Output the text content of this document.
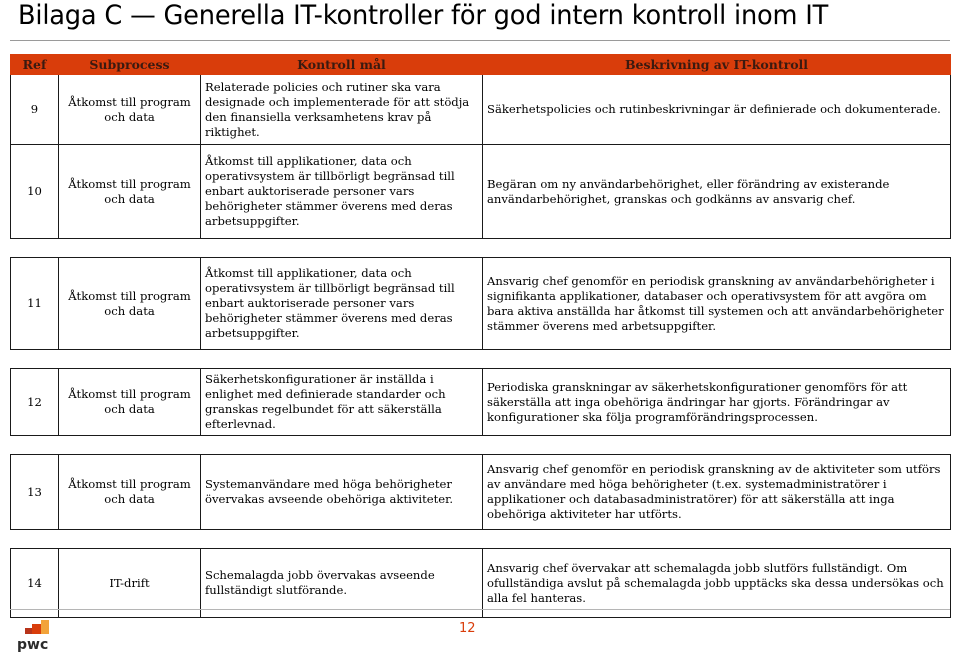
Bilaga C — Generella IT-kontroller för god intern kontroll inom IT
Ref	Subprocess	Kontroll mål	Beskrivning av IT-kontroll
9	Åtkomst till program och data	Relaterade policies och rutiner ska vara designade och implementerade för att stödja den finansiella verksamhetens krav på riktighet.	Säkerhetspolicies och rutinbeskrivningar är definierade och dokumenterade.
10	Åtkomst till program och data	Åtkomst till applikationer, data och operativsystem är tillbörligt begränsad till enbart auktoriserade personer vars behörigheter stämmer överens med deras arbetsuppgifter.	Begäran om ny användarbehörighet, eller förändring av existerande användarbehörighet, granskas och godkänns av ansvarig chef.

11	Åtkomst till program och data	Åtkomst till applikationer, data och operativsystem är tillbörligt begränsad till enbart auktoriserade personer vars behörigheter stämmer överens med deras arbetsuppgifter.	Ansvarig chef genomför en periodisk granskning av användarbehörigheter i signifikanta applikationer, databaser och operativsystem för att avgöra om bara aktiva anställda har åtkomst till systemen och att användarbehörigheter stämmer överens med arbetsuppgifter.

12	Åtkomst till program och data	Säkerhetskonfigurationer är inställda i enlighet med definierade standarder och granskas regelbundet för att säkerställa efterlevnad.	Periodiska granskningar av säkerhetskonfigurationer genomförs för att säkerställa att inga obehöriga ändringar har gjorts. Förändringar av konfigurationer ska följa programförändringsprocessen.

13	Åtkomst till program och data	Systemanvändare med höga behörigheter övervakas avseende obehöriga aktiviteter.	Ansvarig chef genomför en periodisk granskning av de aktiviteter som utförs av användare med höga behörigheter (t.ex. systemadministratörer i applikationer och databasadministratörer) för att säkerställa att inga obehöriga aktiviteter har utförts.

14	IT-drift	Schemalagda jobb övervakas avseende fullständigt slutförande.	Ansvarig chef övervakar att schemalagda jobb slutförs fullständigt. Om ofullständiga avslut på schemalagda jobb upptäcks ska dessa undersökas och alla fel hanteras.
pwc
12
